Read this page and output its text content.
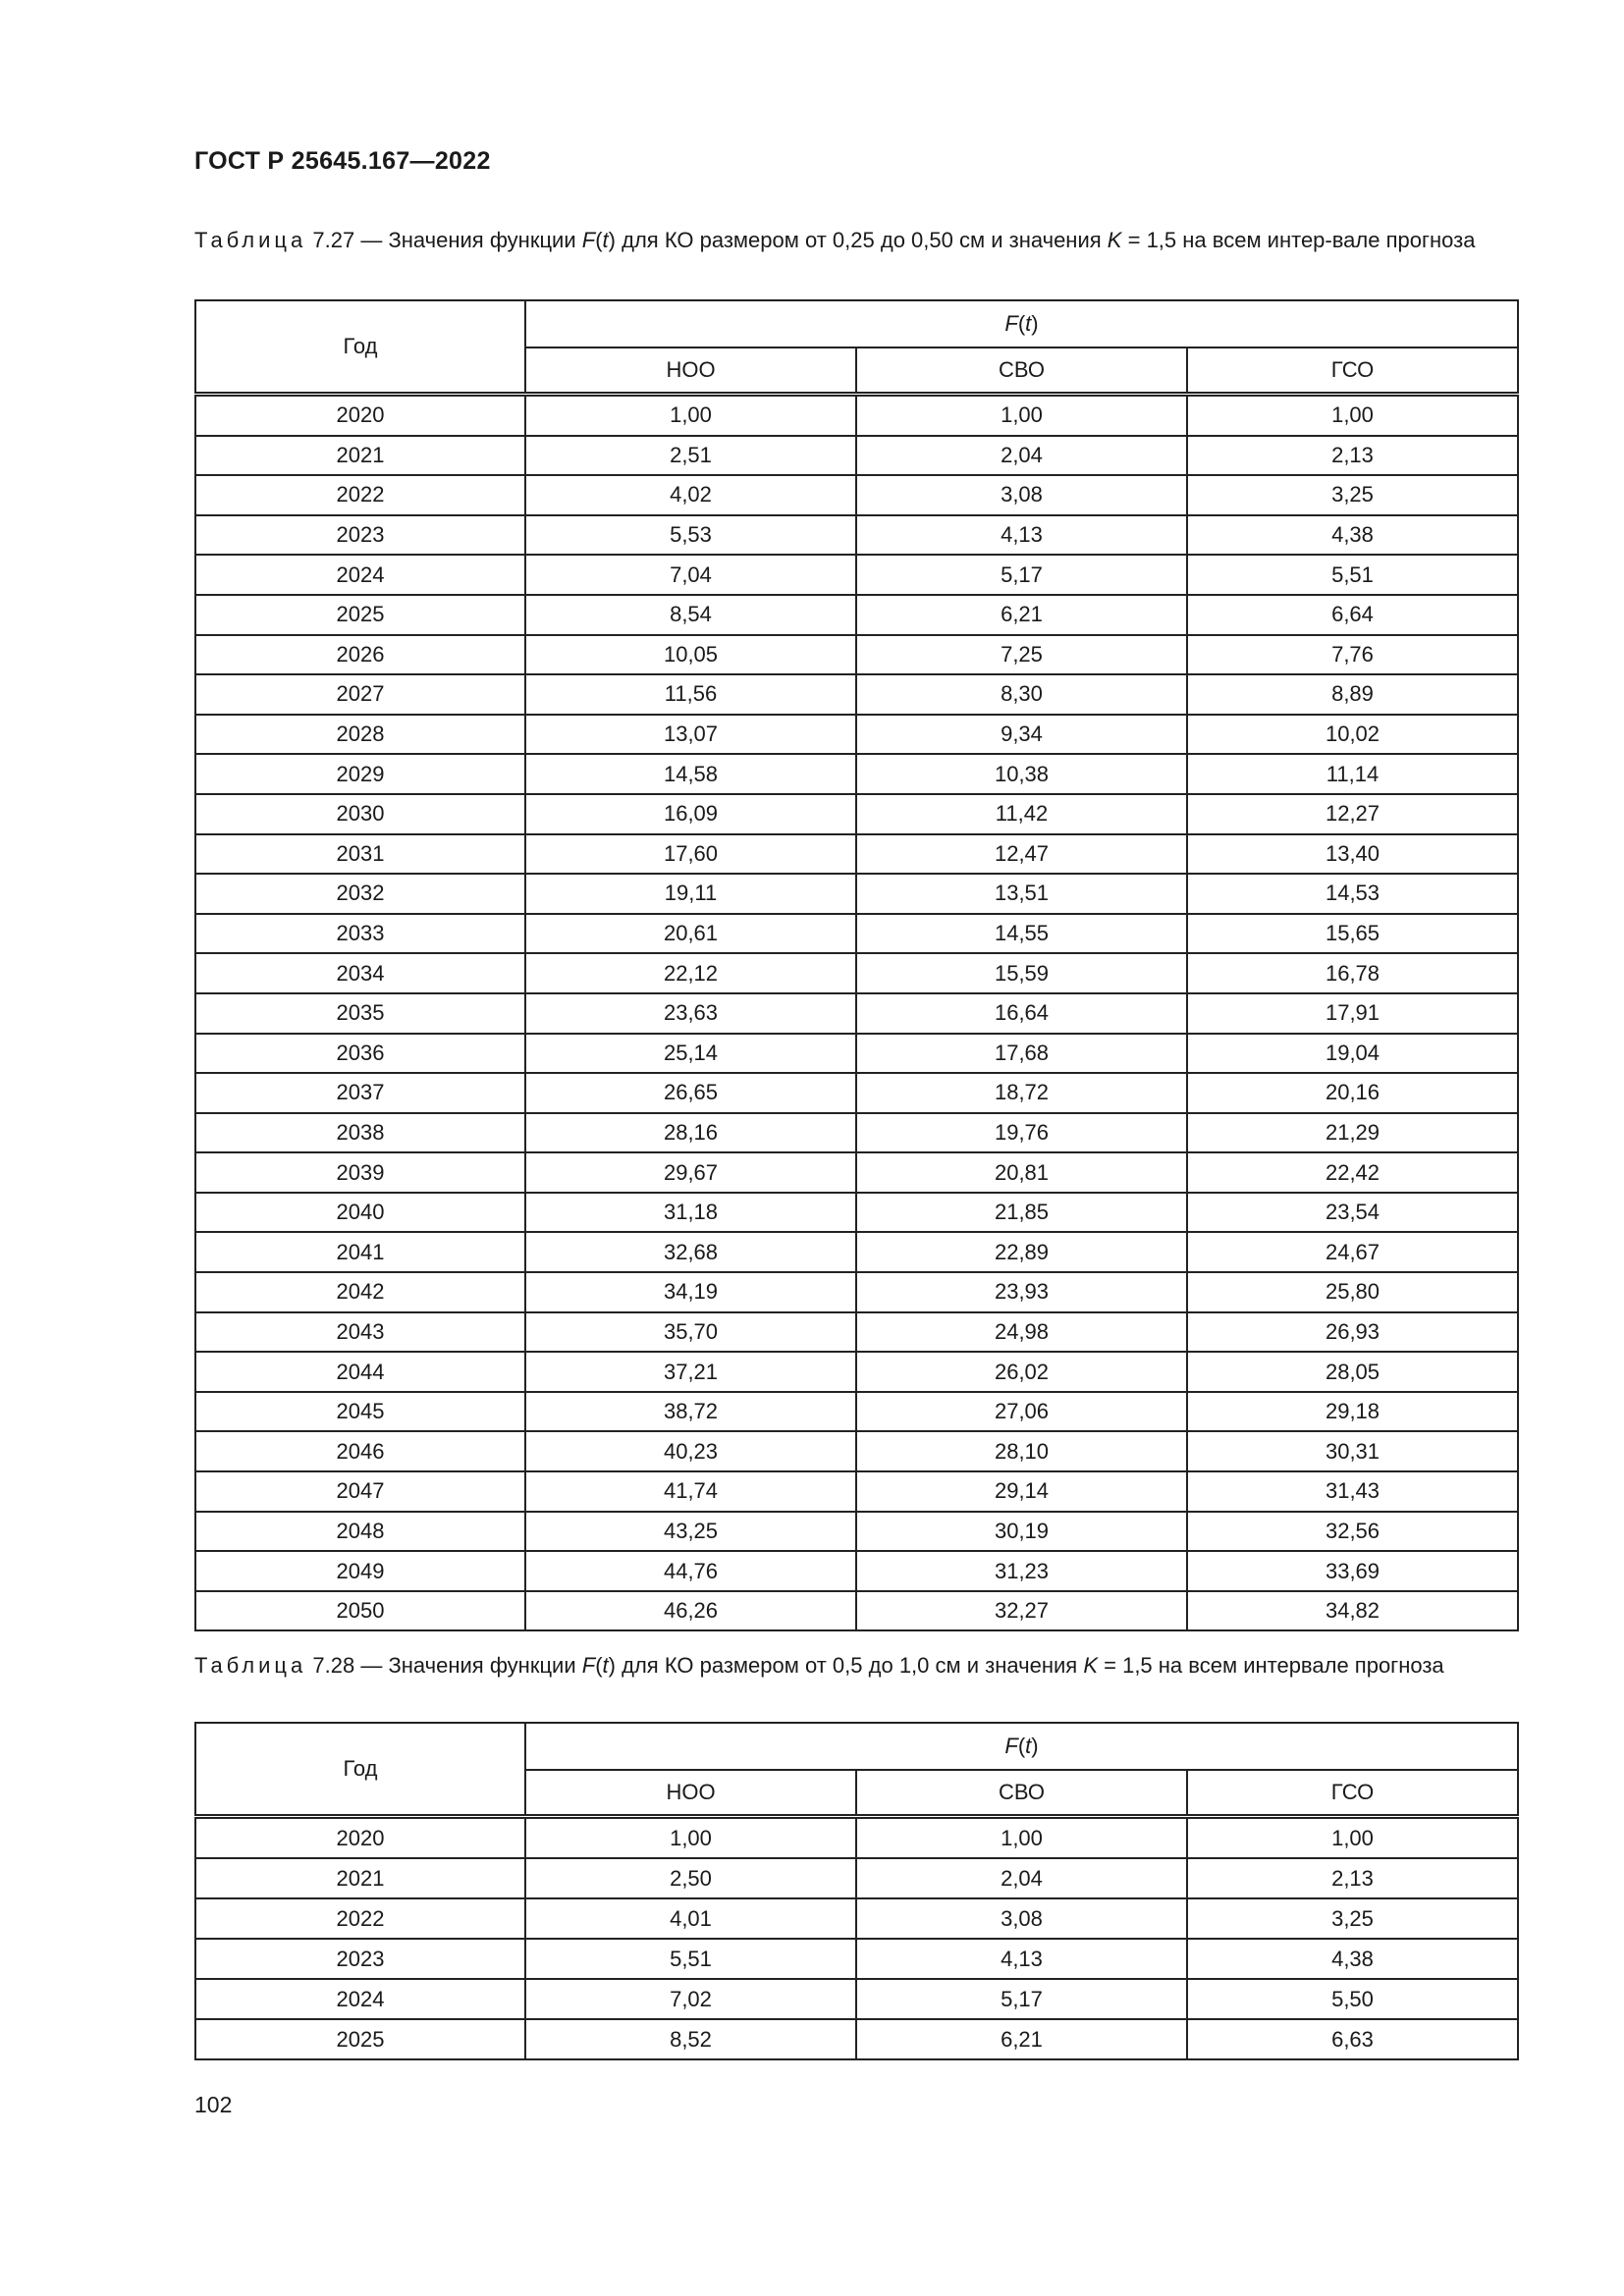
ГОСТ Р 25645.167—2022
Таблица 7.27 — Значения функции F(t) для КО размером от 0,25 до 0,50 см и значения K = 1,5 на всем интер-вале прогноза
Год	F(t)		
	НОО	СВО	ГСО
2020	1,00	1,00	1,00
2021	2,51	2,04	2,13
2022	4,02	3,08	3,25
2023	5,53	4,13	4,38
2024	7,04	5,17	5,51
2025	8,54	6,21	6,64
2026	10,05	7,25	7,76
2027	11,56	8,30	8,89
2028	13,07	9,34	10,02
2029	14,58	10,38	11,14
2030	16,09	11,42	12,27
2031	17,60	12,47	13,40
2032	19,11	13,51	14,53
2033	20,61	14,55	15,65
2034	22,12	15,59	16,78
2035	23,63	16,64	17,91
2036	25,14	17,68	19,04
2037	26,65	18,72	20,16
2038	28,16	19,76	21,29
2039	29,67	20,81	22,42
2040	31,18	21,85	23,54
2041	32,68	22,89	24,67
2042	34,19	23,93	25,80
2043	35,70	24,98	26,93
2044	37,21	26,02	28,05
2045	38,72	27,06	29,18
2046	40,23	28,10	30,31
2047	41,74	29,14	31,43
2048	43,25	30,19	32,56
2049	44,76	31,23	33,69
2050	46,26	32,27	34,82
Таблица 7.28 — Значения функции F(t) для КО размером от 0,5 до 1,0 см и значения K = 1,5 на всем интервале прогноза
Год	F(t)		
	НОО	СВО	ГСО
2020	1,00	1,00	1,00
2021	2,50	2,04	2,13
2022	4,01	3,08	3,25
2023	5,51	4,13	4,38
2024	7,02	5,17	5,50
2025	8,52	6,21	6,63
102
